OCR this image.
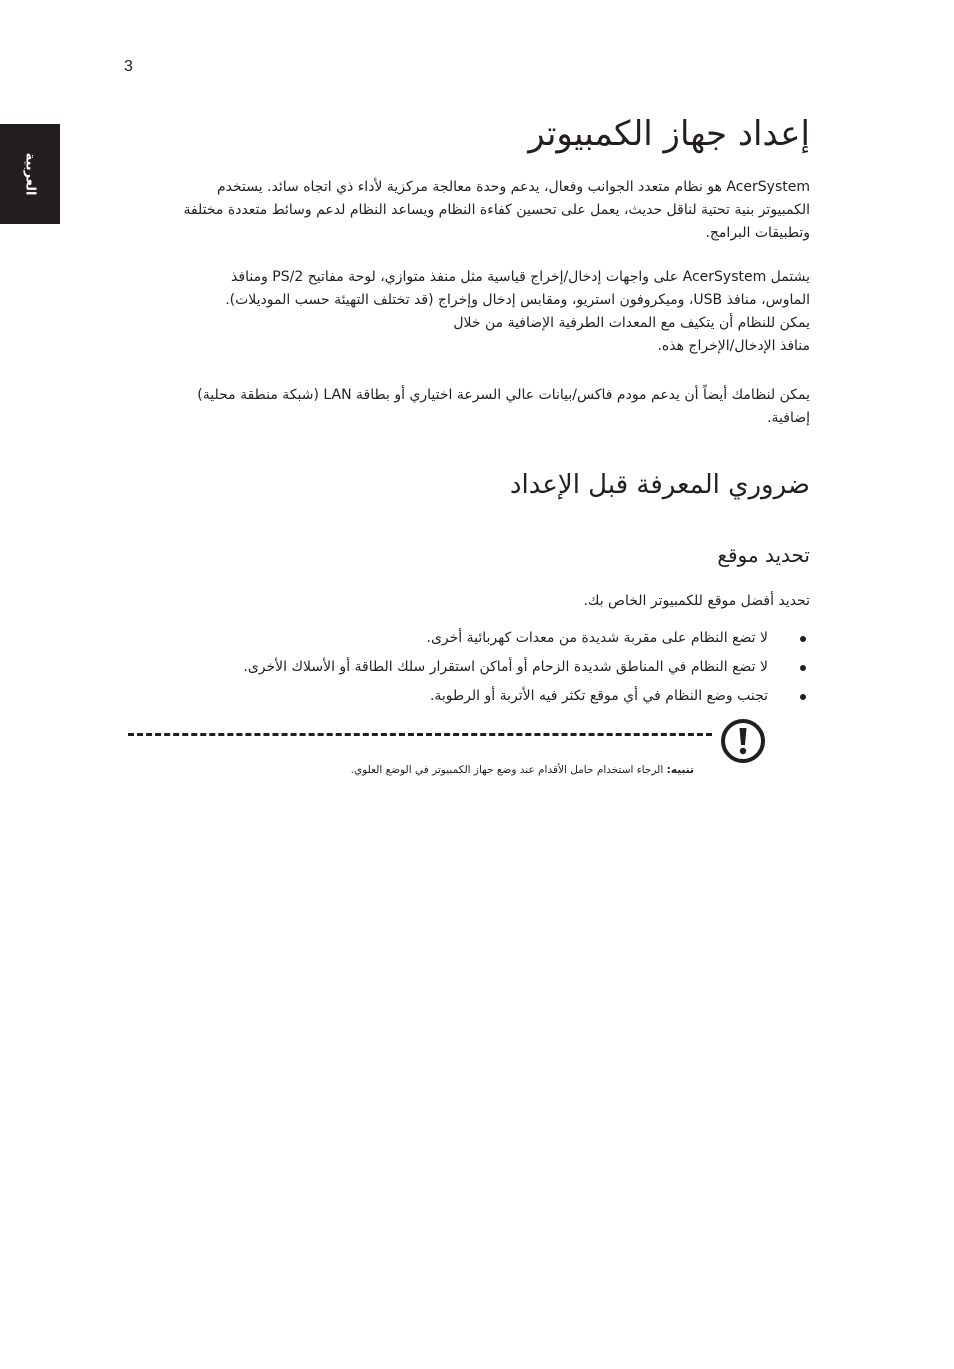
3
العربية
إعداد جهاز الكمبيوتر

AcerSystem هو نظام متعدد الجوانب وفعال، يدعم وحدة معالجة مركزية لأداء ذي اتجاه سائد. يستخدم
الكمبيوتر بنية تحتية لناقل حديث، يعمل على تحسين كفاءة النظام ويساعد النظام لدعم وسائط متعددة مختلفة
وتطبيقات البرامج.

يشتمل AcerSystem على واجهات إدخال/إخراج قياسية مثل منفذ متوازي، لوحة مفاتيح PS/2 ومنافذ
الماوس، منافذ USB، وميكروفون استريو، ومقابس إدخال وإخراج (قد تختلف التهيئة حسب الموديلات).
يمكن للنظام أن يتكيف مع المعدات الطرفية الإضافية من خلال
منافذ الإدخال/الإخراج هذه.

يمكن لنظامك أيضاً أن يدعم مودم فاكس/بيانات عالي السرعة اختياري أو بطاقة LAN (شبكة منطقة محلية)
إضافية.

ضروري المعرفة قبل الإعداد
تحديد موقع

تحديد أفضل موقع للكمبيوتر الخاص بك.

لا تضع النظام على مقربة شديدة من معدات كهربائية أخرى.
لا تضع النظام في المناطق شديدة الزحام أو أماكن استقرار سلك الطاقة أو الأسلاك الأخرى.
تجنب وضع النظام في أي موقع تكثر فيه الأتربة أو الرطوبة.
تنبيه: الرجاء استخدام حامل الأقدام عند وضع جهاز الكمبيوتر في الوضع العلوي.
